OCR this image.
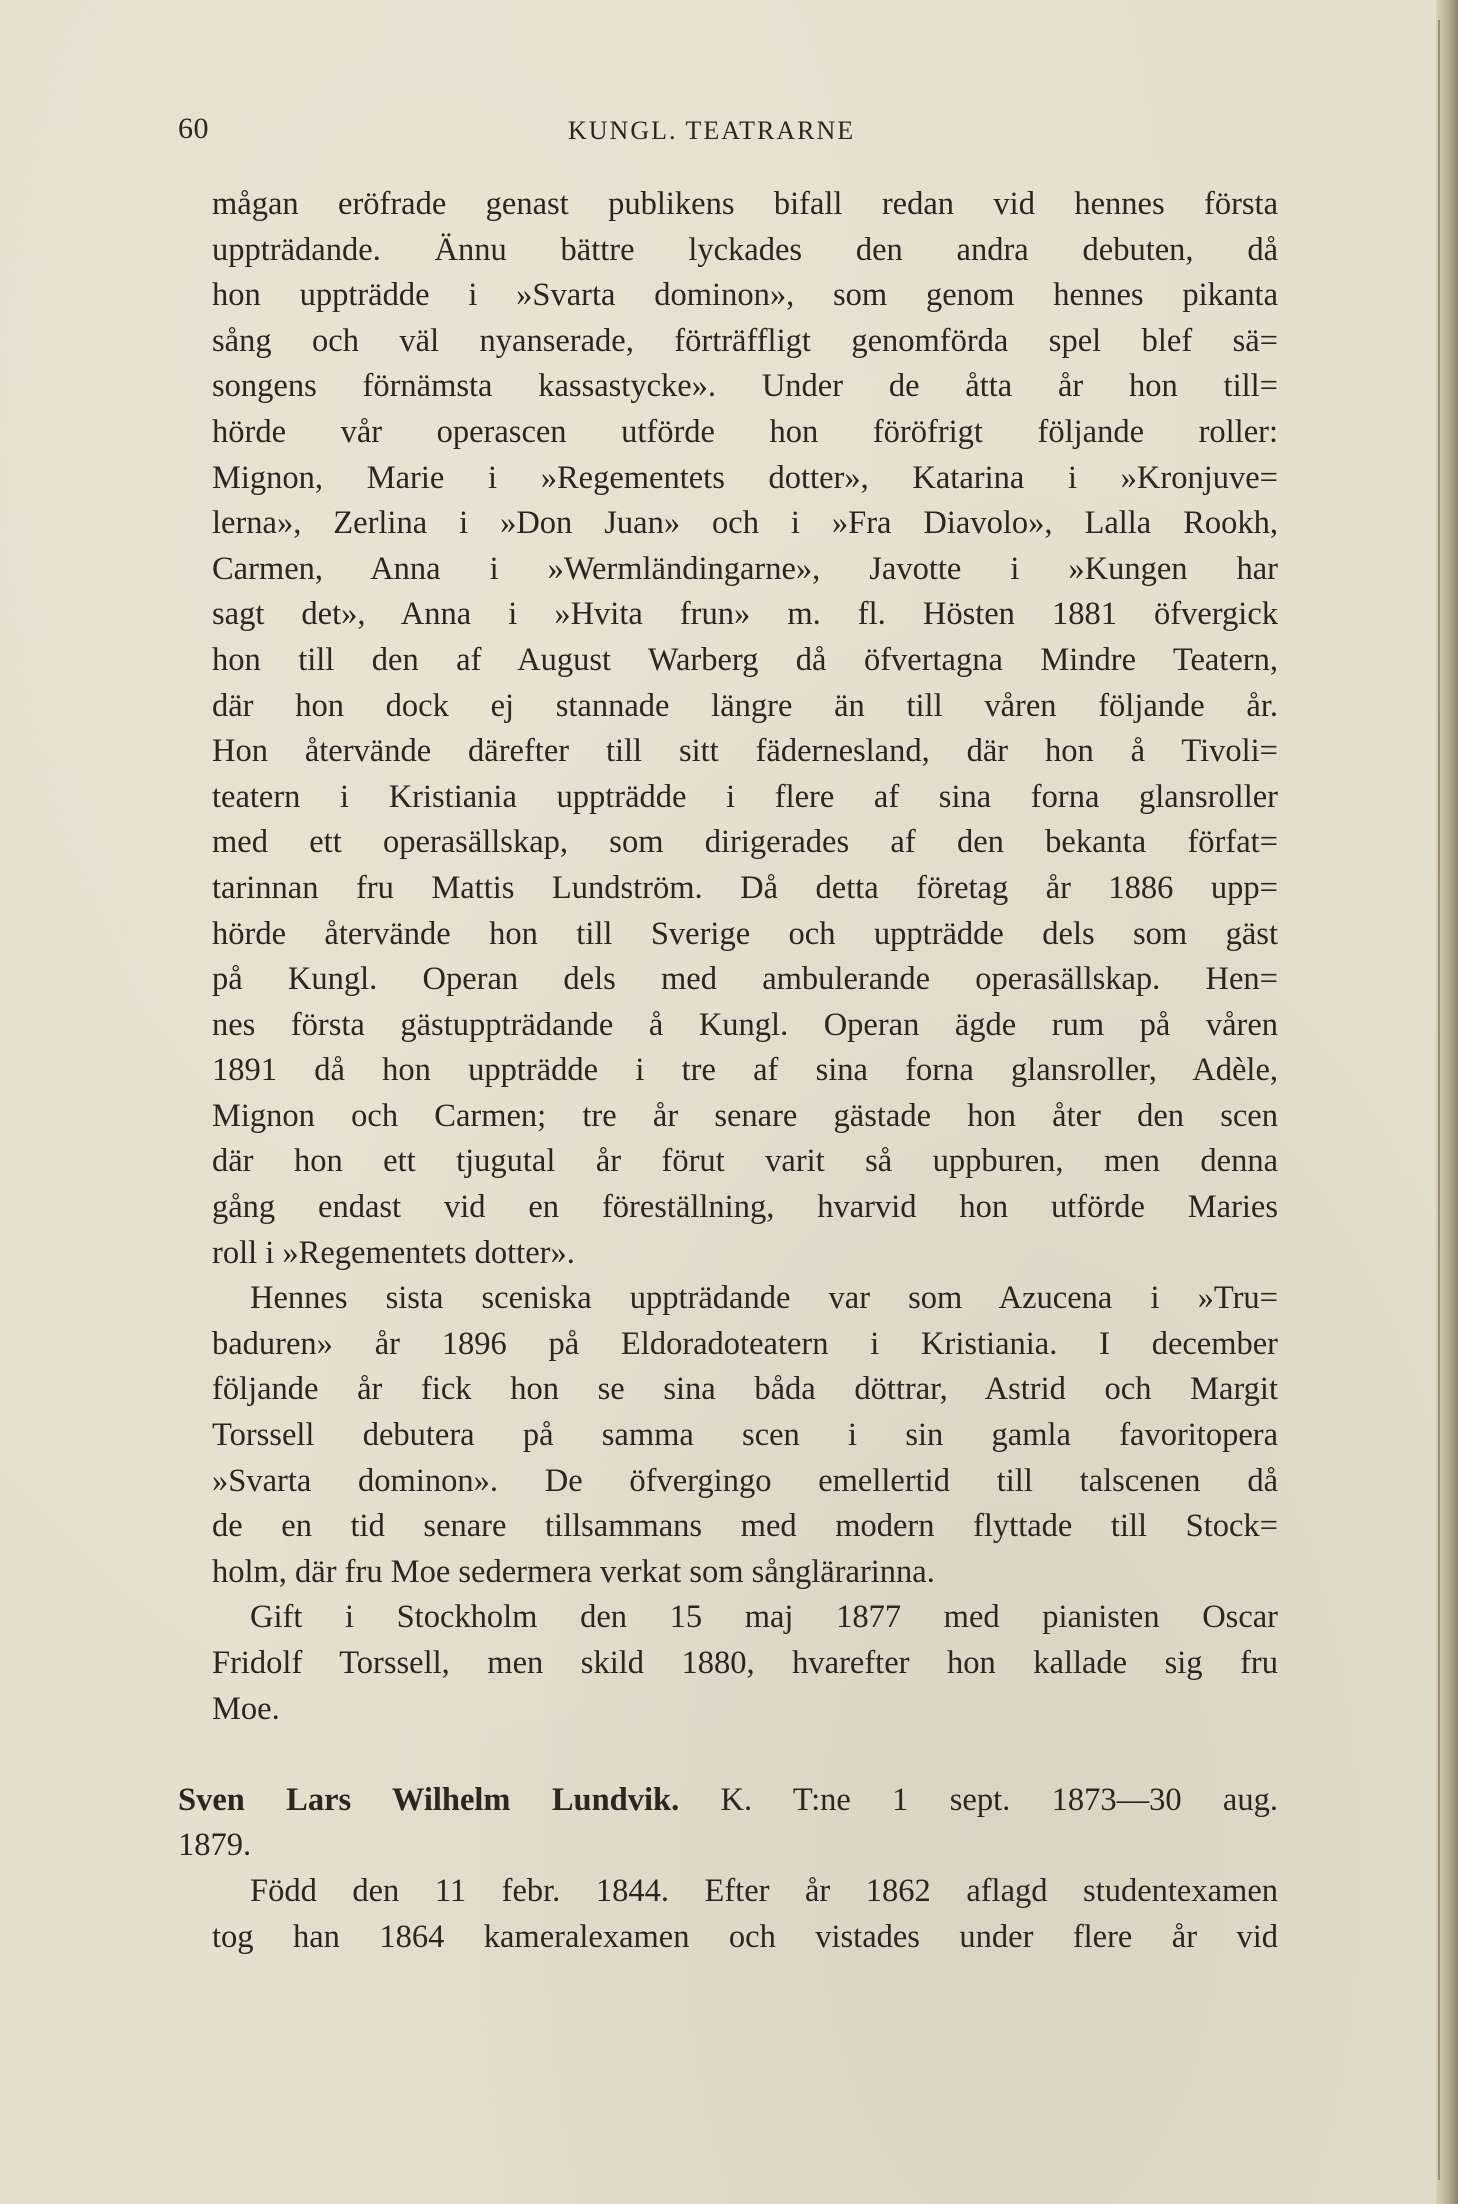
60	KUNGL. TEATRARNE
mågan eröfrade genast publikens bifall redan vid hennes första
uppträdande. Ännu bättre lyckades den andra debuten, då
hon uppträdde i »Svarta dominon», som genom hennes pikanta
sång och väl nyanserade, förträffligt genomförda spel blef sä=
songens förnämsta kassastycke». Under de åtta år hon till=
hörde vår operascen utförde hon föröfrigt följande roller:
Mignon, Marie i »Regementets dotter», Katarina i »Kronjuve=
lerna», Zerlina i »Don Juan» och i »Fra Diavolo», Lalla Rookh,
Carmen, Anna i »Wermländingarne», Javotte i »Kungen har
sagt det», Anna i »Hvita frun» m. fl. Hösten 1881 öfvergick
hon till den af August Warberg då öfvertagna Mindre Teatern,
där hon dock ej stannade längre än till våren följande år.
Hon återvände därefter till sitt fädernesland, där hon å Tivoli=
teatern i Kristiania uppträdde i flere af sina forna glansroller
med ett operasällskap, som dirigerades af den bekanta förfat=
tarinnan fru Mattis Lundström. Då detta företag år 1886 upp=
hörde återvände hon till Sverige och uppträdde dels som gäst
på Kungl. Operan dels med ambulerande operasällskap. Hen=
nes första gästuppträdande å Kungl. Operan ägde rum på våren
1891 då hon uppträdde i tre af sina forna glansroller, Adèle,
Mignon och Carmen; tre år senare gästade hon åter den scen
där hon ett tjugutal år förut varit så uppburen, men denna
gång endast vid en föreställning, hvarvid hon utförde Maries
roll i »Regementets dotter».
Hennes sista sceniska uppträdande var som Azucena i »Tru=
baduren» år 1896 på Eldoradoteatern i Kristiania. I december
följande år fick hon se sina båda döttrar, Astrid och Margit
Torssell debutera på samma scen i sin gamla favoritopera
»Svarta dominon». De öfvergingo emellertid till talscenen då
de en tid senare tillsammans med modern flyttade till Stock=
holm, där fru Moe sedermera verkat som sånglärarinna.
Gift i Stockholm den 15 maj 1877 med pianisten Oscar
Fridolf Torssell, men skild 1880, hvarefter hon kallade sig fru
Moe.
Sven Lars Wilhelm Lundvik. K. T:ne 1 sept. 1873—30 aug.
1879.
Född den 11 febr. 1844. Efter år 1862 aflagd studentexamen
tog han 1864 kameralexamen och vistades under flere år vid
